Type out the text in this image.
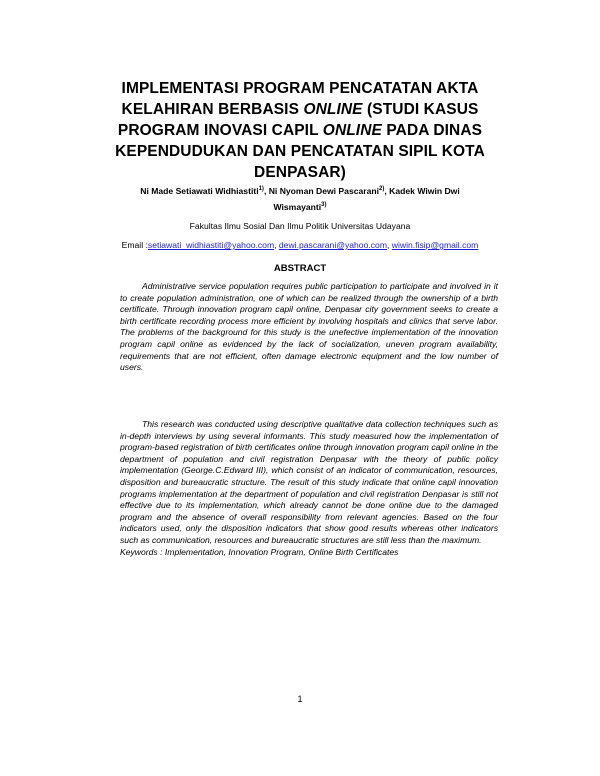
IMPLEMENTASI PROGRAM PENCATATAN AKTA
KELAHIRAN BERBASIS ONLINE (STUDI KASUS
PROGRAM INOVASI CAPIL ONLINE PADA DINAS
KEPENDUDUKAN DAN PENCATATAN SIPIL KOTA
DENPASAR)
Ni Made Setiawati Widhiastiti$^{1)}$, Ni Nyoman Dewi Pascarani$^{2)}$, Kadek Wiwin Dwi Wismayanti$^{3)}$
Fakultas Ilmu Sosial Dan Ilmu Politik Universitas Udayana
Email :setiawati_widhiastiti@yahoo.com, dewi.pascarani@yahoo.com, wiwin.fisip@gmail.com
ABSTRACT

Administrative service population requires public participation to participate and involved in it to create population administration, one of which can be realized through the ownership of a birth certificate. Through innovation program capil online, Denpasar city government seeks to create a birth certificate recording process more efficient by involving hospitals and clinics that serve labor. The problems of the background for this study is the unefective implementation of the innovation program capil online as evidenced by the lack of socialization, uneven program availability, requirements that are not efficient, often damage electronic equipment and the low number of users.

This research was conducted using descriptive qualitative data collection techniques such as in-depth interviews by using several informants. This study measured how the implementation of program-based registration of birth certificates online through innovation program capil online in the department of population and civil registration Denpasar with the theory of public policy implementation (George.C.Edward III), which consist of an indicator of communication, resources, disposition and bureaucratic structure. The result of this study indicate that online capil innovation programs implementation at the department of population and civil registration Denpasar is still not effective due to its implementation, which already cannot be done online due to the damaged program and the absence of overall responsibility from relevant agencies. Based on the four indicators used, only the disposition indicators that show good results whereas other indicators such as communication, resources and bureaucratic structures are still less than the maximum.

Keywords : Implementation, Innovation Program, Online Birth Certificates
1
